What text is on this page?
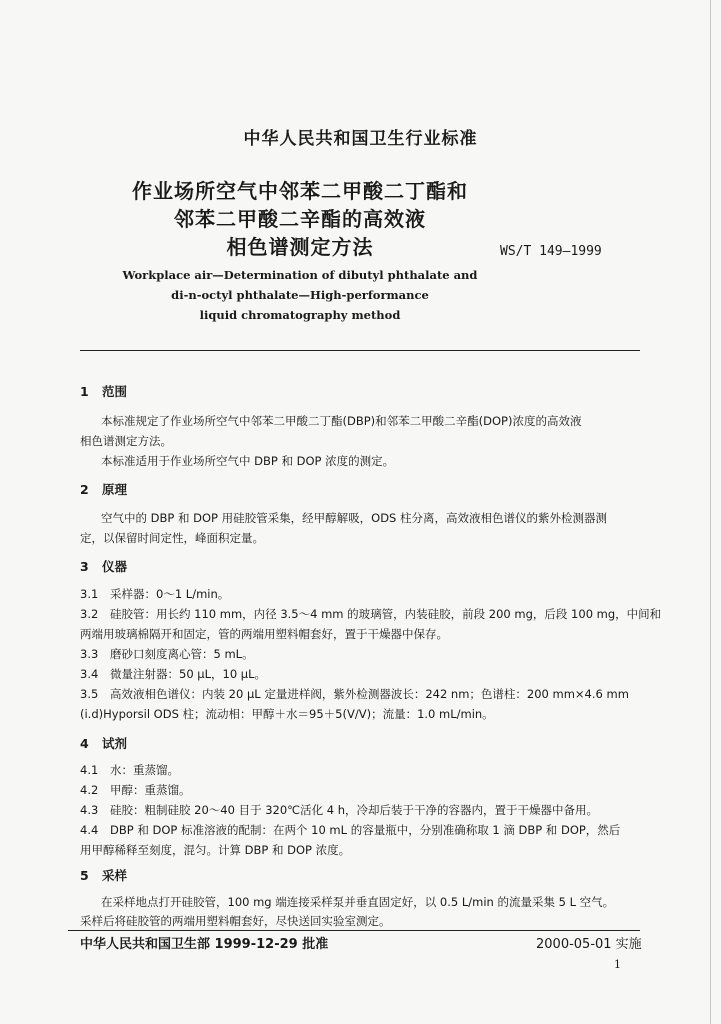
中华人民共和国卫生行业标准
作业场所空气中邻苯二甲酸二丁酯和
邻苯二甲酸二辛酯的高效液
相色谱测定方法	WS/T 149—1999
Workplace air—Determination of dibutyl phthalate and
di-n-octyl phthalate—High-performance
liquid chromatography method
1 范围
本标准规定了作业场所空气中邻苯二甲酸二丁酯(DBP)和邻苯二甲酸二辛酯(DOP)浓度的高效液
相色谱测定方法。
本标准适用于作业场所空气中 DBP 和 DOP 浓度的测定。
2 原理
空气中的 DBP 和 DOP 用硅胶管采集，经甲醇解吸，ODS 柱分离，高效液相色谱仪的紫外检测器测
定，以保留时间定性，峰面积定量。
3 仪器
3.1 采样器：0～1 L/min。
3.2 硅胶管：用长约 110 mm，内径 3.5～4 mm 的玻璃管，内装硅胶，前段 200 mg，后段 100 mg，中间和
两端用玻璃棉隔开和固定，管的两端用塑料帽套好，置于干燥器中保存。
3.3 磨砂口刻度离心管：5 mL。
3.4 微量注射器：50 μL，10 μL。
3.5 高效液相色谱仪：内装 20 μL 定量进样阀，紫外检测器波长：242 nm；色谱柱：200 mm×4.6 mm
(i.d)Hyporsil ODS 柱；流动相：甲醇＋水＝95＋5(V/V)；流量：1.0 mL/min。
4 试剂
4.1 水：重蒸馏。
4.2 甲醇：重蒸馏。
4.3 硅胶：粗制硅胶 20～40 目于 320℃活化 4 h，冷却后装于干净的容器内，置于干燥器中备用。
4.4 DBP 和 DOP 标准溶液的配制：在两个 10 mL 的容量瓶中，分别准确称取 1 滴 DBP 和 DOP，然后
用甲醇稀释至刻度，混匀。计算 DBP 和 DOP 浓度。
5 采样
在采样地点打开硅胶管，100 mg 端连接采样泵并垂直固定好，以 0.5 L/min 的流量采集 5 L 空气。
采样后将硅胶管的两端用塑料帽套好，尽快送回实验室测定。
中华人民共和国卫生部 1999-12-29 批准	2000-05-01 实施
1
